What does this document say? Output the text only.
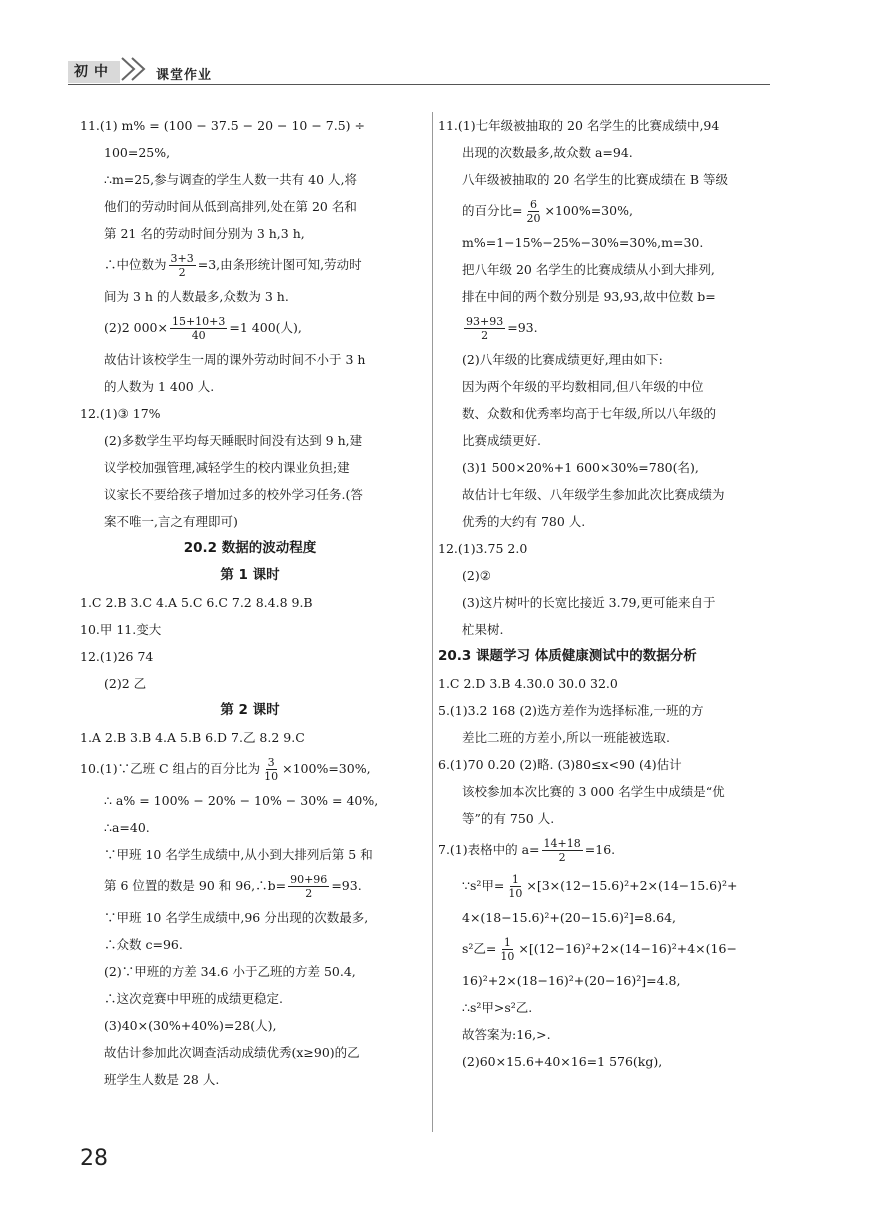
初中	课堂作业
11.(1) m% = (100 − 37.5 − 20 − 10 − 7.5) ÷
100=25%,
∴m=25,参与调查的学生人数一共有 40 人,将
他们的劳动时间从低到高排列,处在第 20 名和
第 21 名的劳动时间分别为 3 h,3 h,
∴中位数为 $\frac{3+3}{2} =3$,由条形统计图可知,劳动时
间为 3 h 的人数最多,众数为 3 h.
(2)2 $000\times \frac{15+10+3}{40} =1$ 400(人),
故估计该校学生一周的课外劳动时间不小于 3 h
的人数为 1 400 人.
12.(1)③ 17%
(2)多数学生平均每天睡眠时间没有达到 9 h,建
议学校加强管理,减轻学生的校内课业负担;建
议家长不要给孩子增加过多的校外学习任务.(答
案不唯一,言之有理即可)
20.2 数据的波动程度
第 1 课时
1.C 2.B 3.C 4.A 5.C 6.C 7.2 8.4.8 9.B
10.甲 11.变大
12.(1)26 74
(2)2 乙
第 2 课时
1.A 2.B 3.B 4.A 5.B 6.D 7.乙 8.2 9.C
10.(1)∵乙班 C 组占的百分比为 $\frac{3}{10} \times 100\%=30\%$,
∴ a% = 100% − 20% − 10% − 30% = 40%,
∴a=40.
∵甲班 10 名学生成绩中,从小到大排列后第 5 和
第 6 位置的数是 90 和 96,∴b= $\frac{90+96}{2} =93$.
∵甲班 10 名学生成绩中,96 分出现的次数最多,
∴众数 c=96.
(2)∵甲班的方差 34.6 小于乙班的方差 50.4,
∴这次竞赛中甲班的成绩更稳定.
(3)40×(30%+40%)=28(人),
故估计参加此次调查活动成绩优秀(x≥90)的乙
班学生人数是 28 人.
11.(1)七年级被抽取的 20 名学生的比赛成绩中,94
出现的次数最多,故众数 a=94.
八年级被抽取的 20 名学生的比赛成绩在 B 等级
的百分比= $\frac{6}{20} \times 100\%=30\%$,
m%=1−15%−25%−30%=30%,m=30.
把八年级 20 名学生的比赛成绩从小到大排列,
排在中间的两个数分别是 93,93,故中位数 b=
$\frac{93+93}{2} =93$.
(2)八年级的比赛成绩更好,理由如下:
因为两个年级的平均数相同,但八年级的中位
数、众数和优秀率均高于七年级,所以八年级的
比赛成绩更好.
(3)1 500×20%+1 600×30%=780(名),
故估计七年级、八年级学生参加此次比赛成绩为
优秀的大约有 780 人.
12.(1)3.75 2.0
(2)②
(3)这片树叶的长宽比接近 3.79,更可能来自于
杧果树.
20.3 课题学习 体质健康测试中的数据分析
1.C 2.D 3.B 4.30.0 30.0 32.0
5.(1)3.2 168 (2)选方差作为选择标准,一班的方
差比二班的方差小,所以一班能被选取.
6.(1)70 0.20 (2)略. (3)80≤x<90 (4)估计
该校参加本次比赛的 3 000 名学生中成绩是“优
等”的有 750 人.
7.(1)表格中的 $a= \frac{14+18}{2} =16$.
∵s²甲= $\frac{1}{10} \times[3\times(12-15.6)^2+2\times(14-15.6)^2+$
4×(18−15.6)²+(20−15.6)²]=8.64,
s²乙= $\frac{1}{10} \times[(12-16)^2+2\times(14-16)^2+4\times(16-$
16)²+2×(18−16)²+(20−16)²]=4.8,
∴s²甲>s²乙.
故答案为:16,>.
(2)60×15.6+40×16=1 576(kg),
28
